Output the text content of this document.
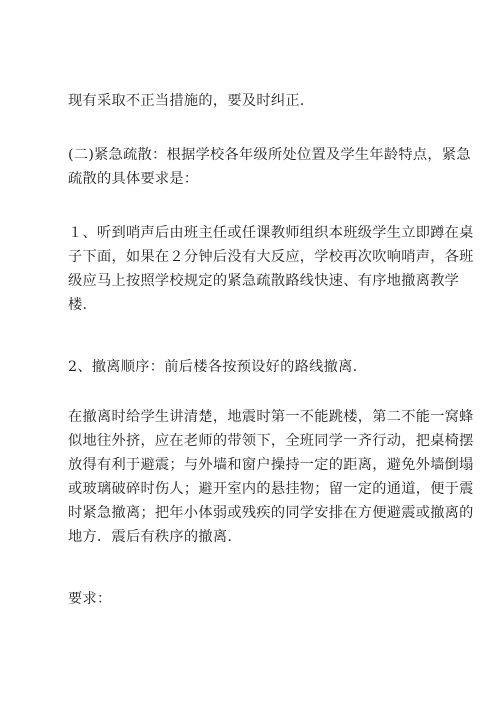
现有采取不正当措施的，要及时纠正.

(二)紧急疏散：根据学校各年级所处位置及学生年龄特点，紧急
疏散的具体要求是：

１、听到哨声后由班主任或任课教师组织本班级学生立即蹲在桌
子下面，如果在２分钟后没有大反应，学校再次吹响哨声，各班
级应马上按照学校规定的紧急疏散路线快速、有序地撤离教学
楼.

2、撤离顺序：前后楼各按预设好的路线撤离.

在撤离时给学生讲清楚，地震时第一不能跳楼，第二不能一窝蜂
似地往外挤，应在老师的带领下，全班同学一齐行动，把桌椅摆
放得有利于避震；与外墙和窗户操持一定的距离，避免外墙倒塌
或玻璃破碎时伤人；避开室内的悬挂物；留一定的通道，便于震
时紧急撤离；把年小体弱或残疾的同学安排在方便避震或撤离的
地方．震后有秩序的撤离.

要求：
